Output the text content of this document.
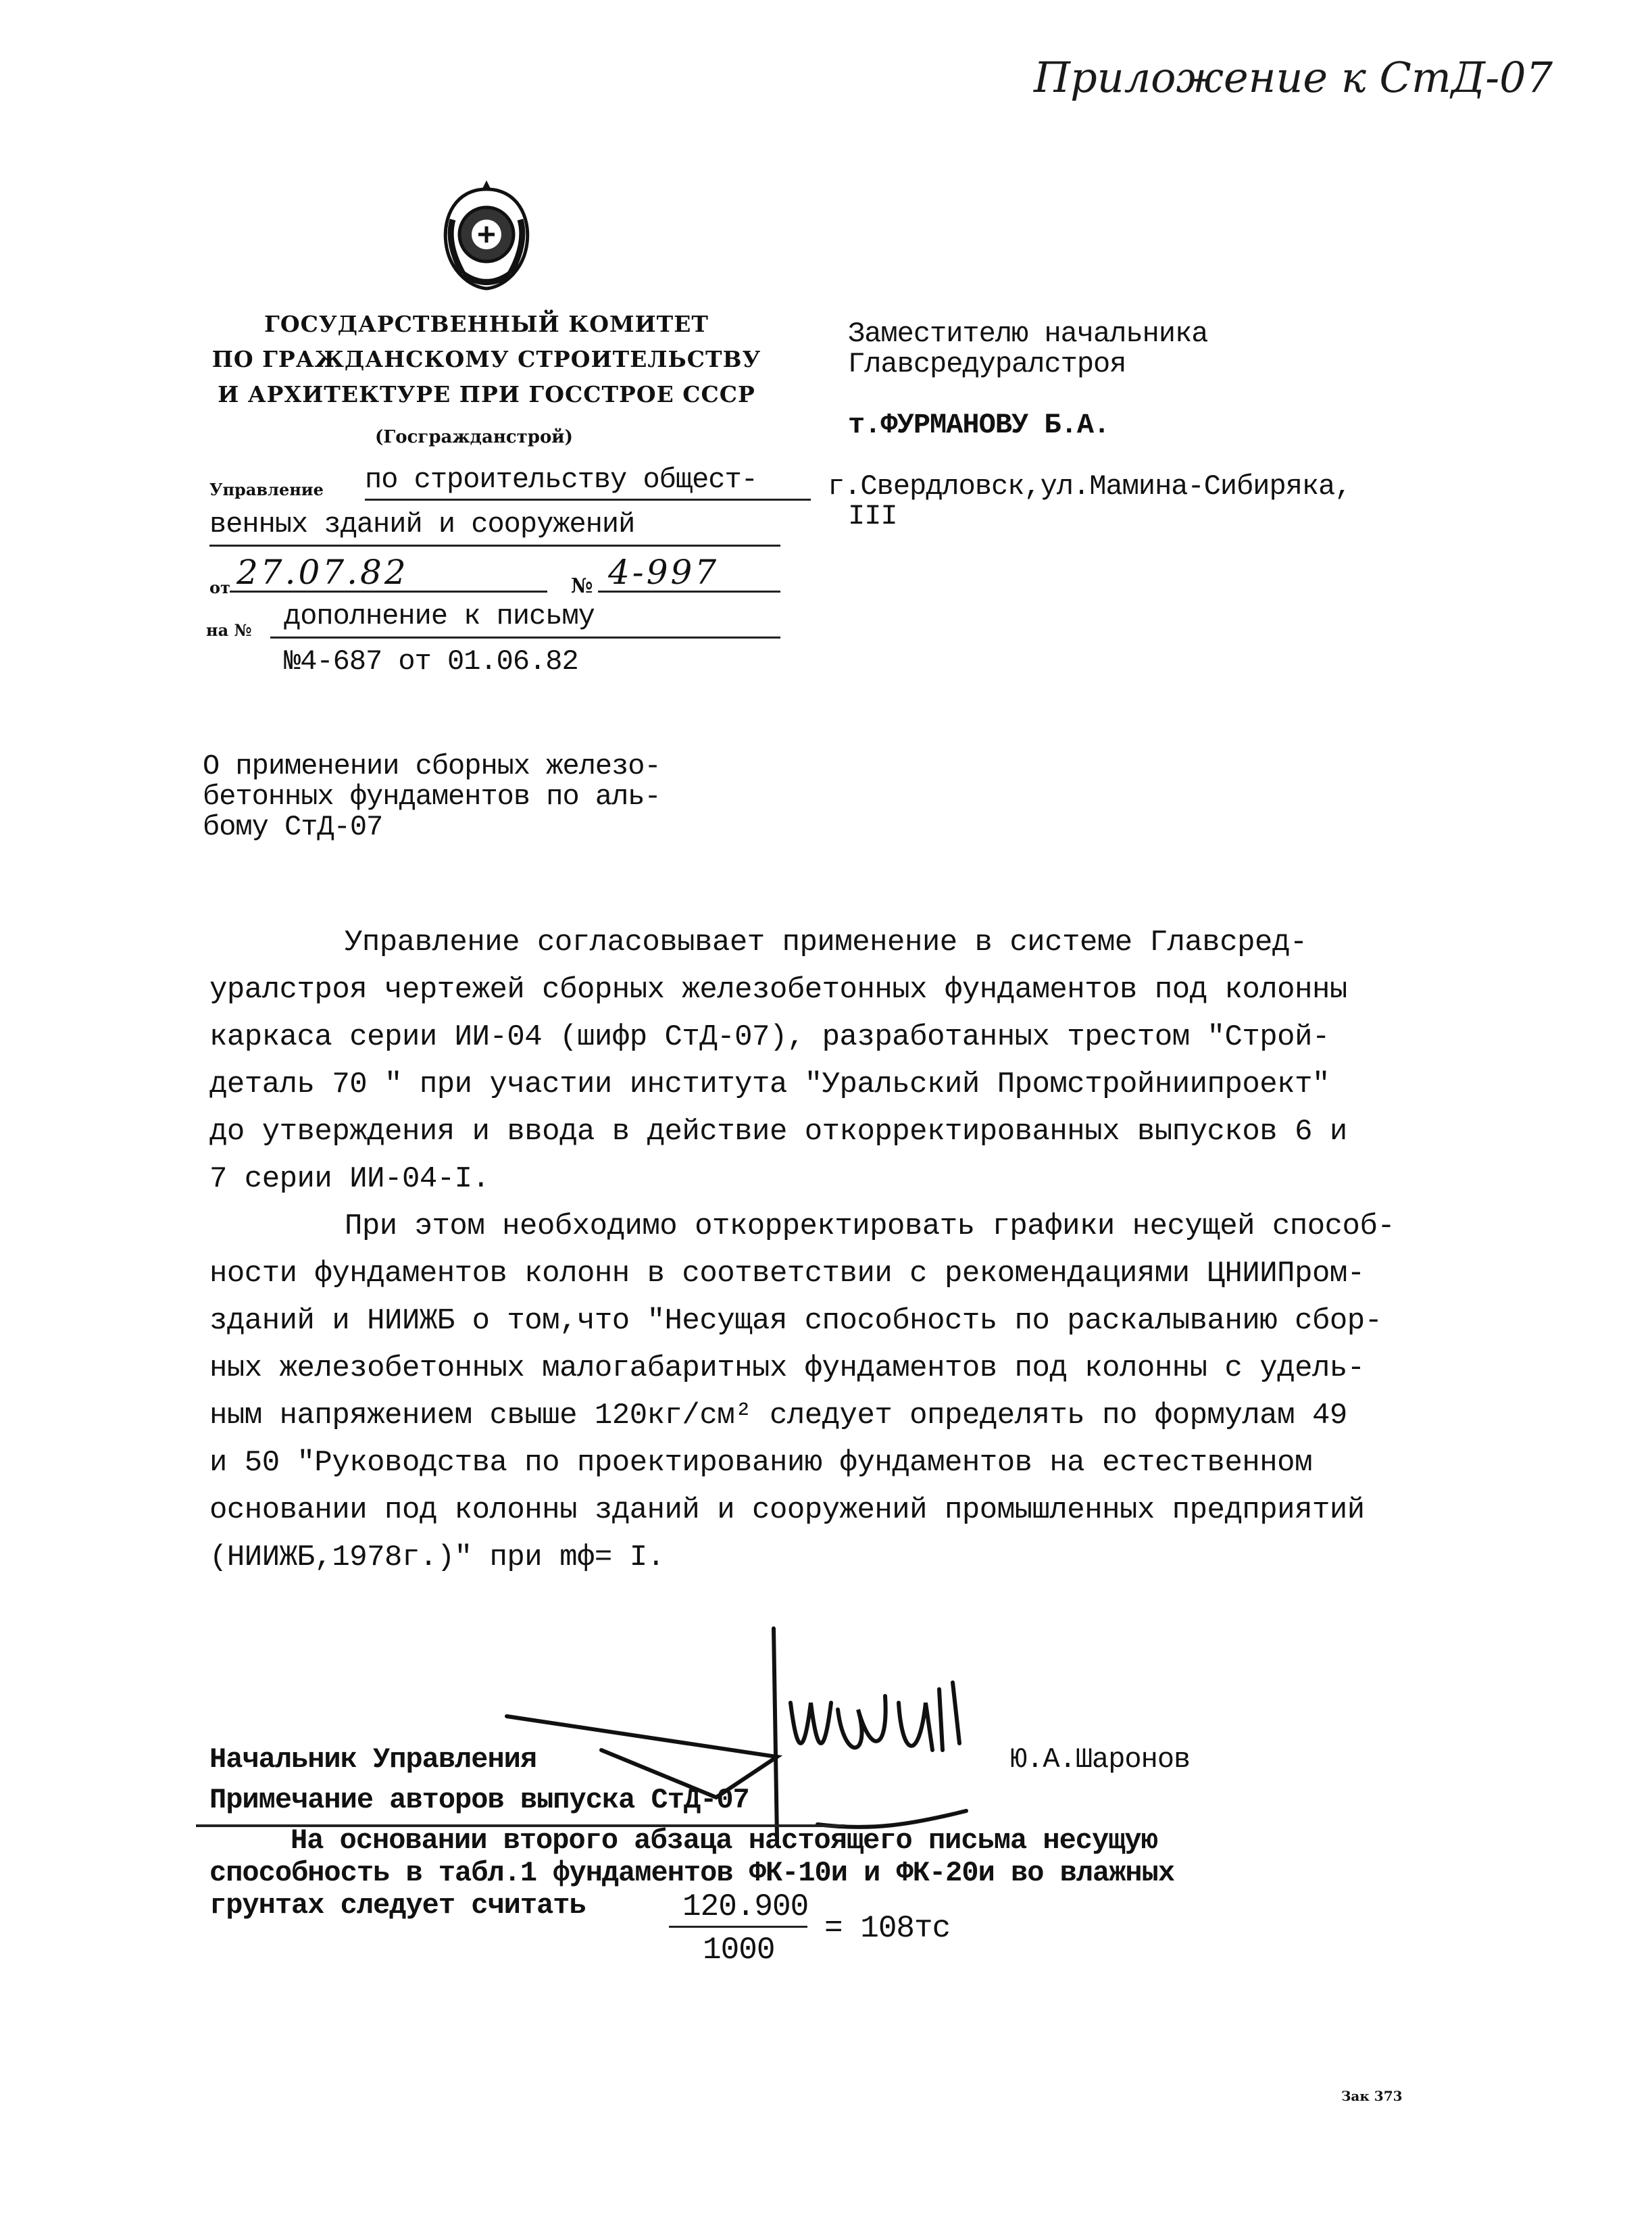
Приложение к СтД-07
ГОСУДАРСТВЕННЫЙ КОМИТЕТ
ПО ГРАЖДАНСКОМУ СТРОИТЕЛЬСТВУ
И АРХИТЕКТУРЕ ПРИ ГОССТРОЕ СССР
(Госгражданстрой)
Управление по строительству общест-
венных зданий и сооружений
от 27.07.82	№ 4-997
на № дополнение к письму
№4-687 от 01.06.82
Заместителю начальника
Главсредуралстроя
т.ФУРМАНОВУ Б.А.
г.Свердловск,ул.Мамина-Сибиряка,
III
О применении сборных железо-
бетонных фундаментов по аль-
бому СтД-07
Управление согласовывает применение в системе Главсред-
уралстроя чертежей сборных железобетонных фундаментов под колонны
каркаса серии ИИ-04 (шифр СтД-07), разработанных трестом "Строй-
деталь 70 " при участии института "Уральский Промстройниипроект"
до утверждения и ввода в действие откорректированных выпусков 6 и
7 серии ИИ-04-I.
При этом необходимо откорректировать графики несущей способ-
ности фундаментов колонн в соответствии с рекомендациями ЦНИИПром-
зданий и НИИЖБ о том,что "Несущая способность по раскалыванию сбор-
ных железобетонных малогабаритных фундаментов под колонны с удель-
ным напряжением свыше 120кг/см² следует определять по формулам 49
и 50 "Руководства по проектированию фундаментов на естественном
основании под колонны зданий и сооружений промышленных предприятий
(НИИЖБ,1978г.)" при mф= I.
Начальник Управления	Ю.А.Шаронов
Примечание авторов выпуска СтД-07
На основании второго абзаца настоящего письма несущую
способность в табл.1 фундаментов ФК-10и и ФК-20и во влажных
грунтах следует считать	120.900
1000
= 108тс
Зак 373
